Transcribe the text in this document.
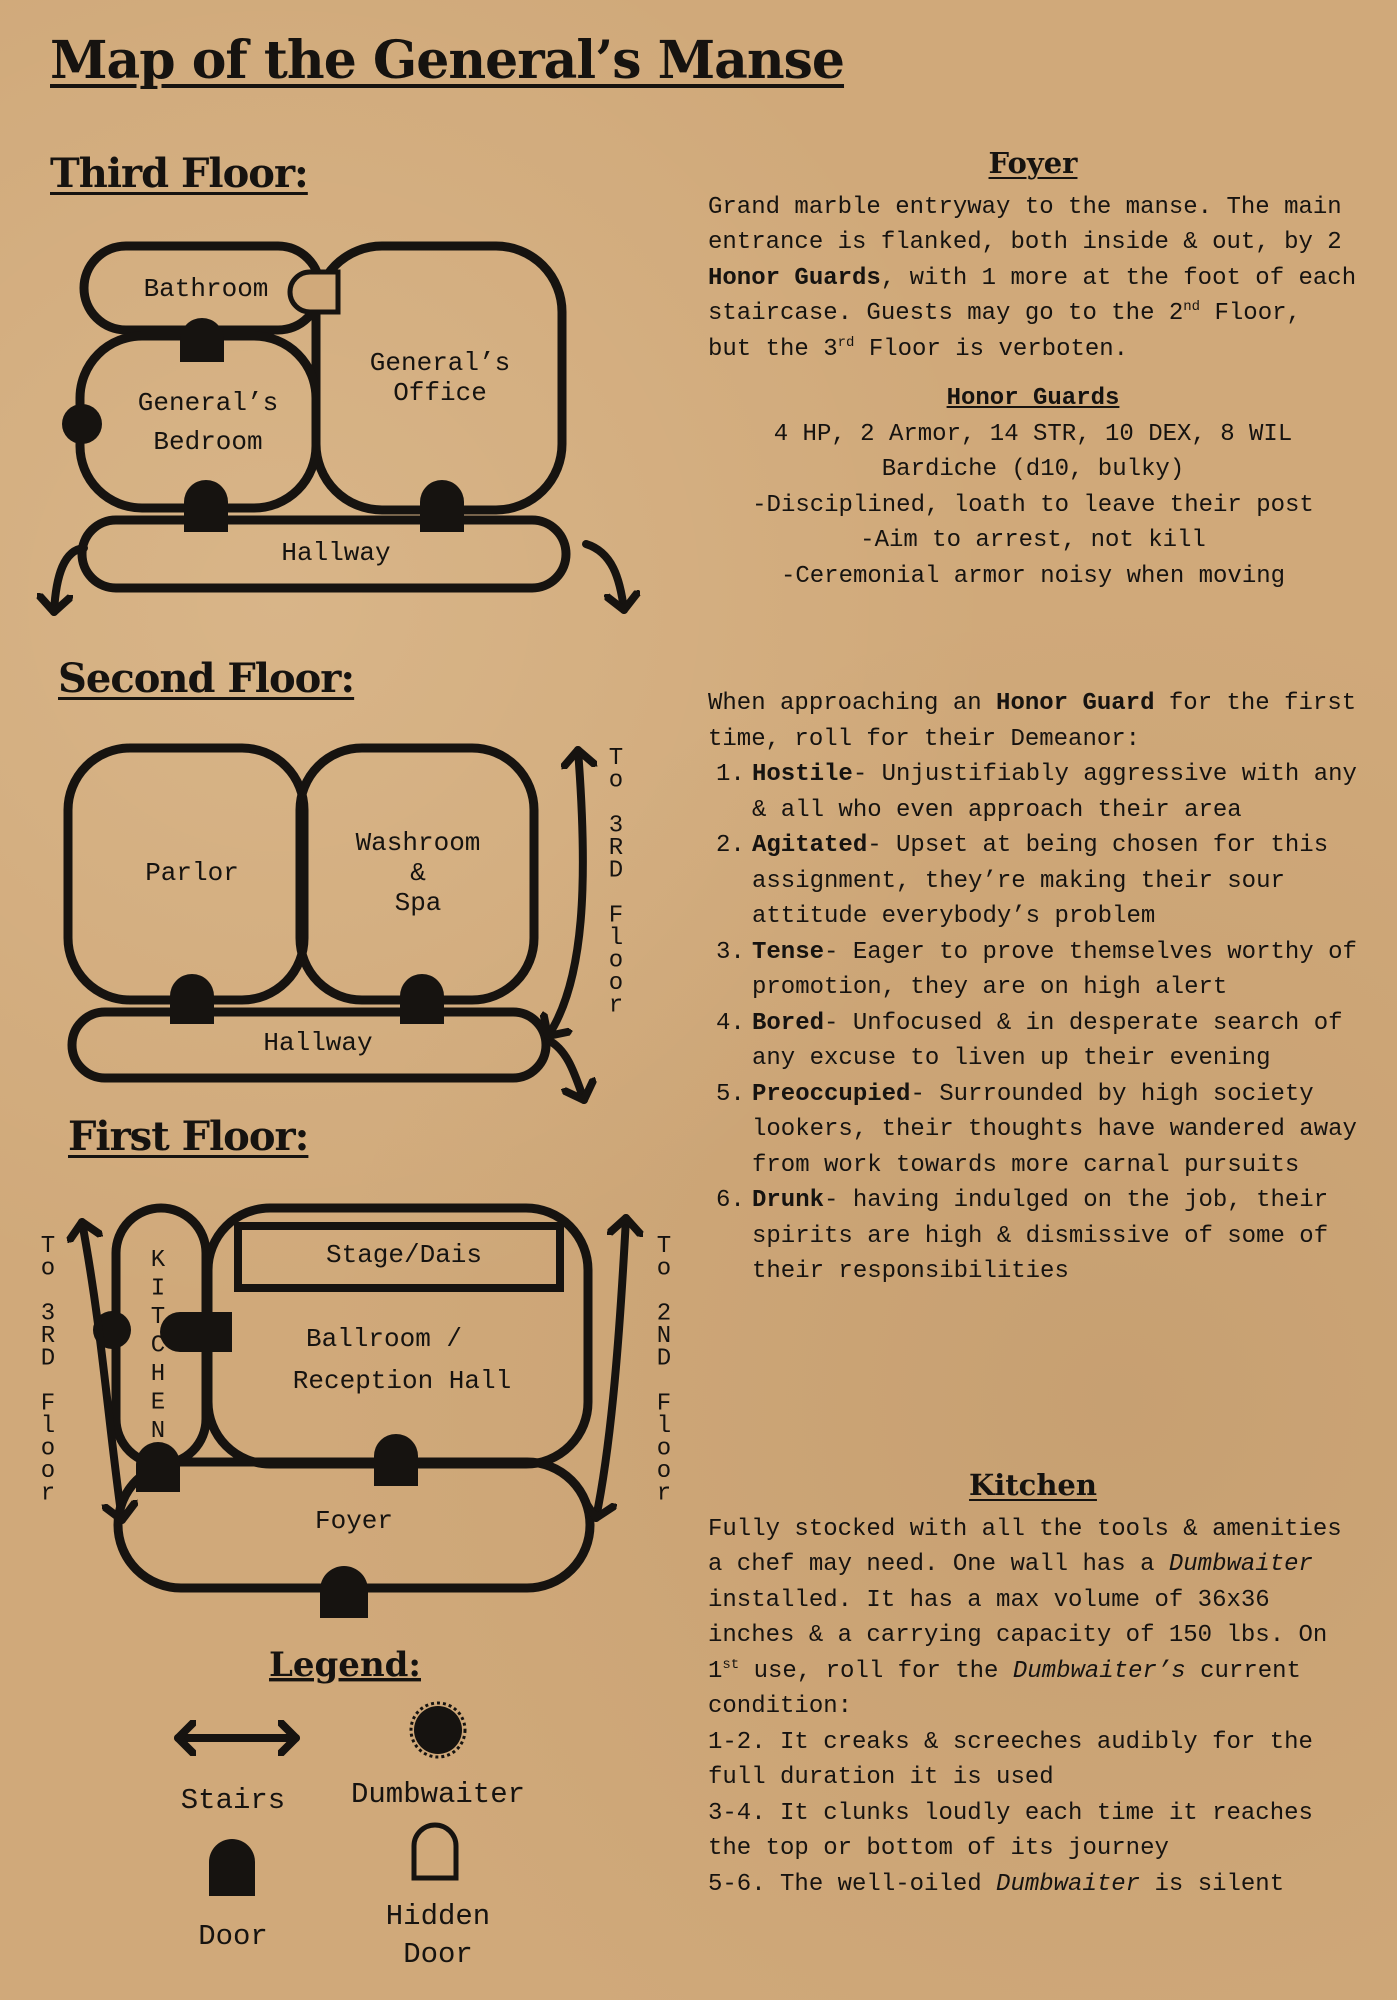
Map of the General’s Manse
Third Floor:
Second Floor:
First Floor:
Bathroom
General’s
Office
General’s
Bedroom
Hallway
Parlor
Washroom
&
Spa
Hallway
Stage/Dais
Ballroom /
Reception Hall
Foyer
K
I
T
C
H
E
N
T
o
3
R
D
F
l
o
o
r
T
o
3
R
D
F
l
o
o
r
T
o
2
N
D
F
l
o
o
r
Legend:
Stairs Dumbwaiter
Door
Hidden
Door
Foyer

Grand marble entryway to the manse. The main entrance is flanked, both inside & out, by 2 Honor Guards, with 1 more at the foot of each staircase. Guests may go to the 2nd Floor, but the 3rd Floor is verboten.

Honor Guards

4 HP, 2 Armor, 14 STR, 10 DEX, 8 WIL

Bardiche (d10, bulky)

-Disciplined, loath to leave their post

-Aim to arrest, not kill

-Ceremonial armor noisy when moving

When approaching an Honor Guard for the first time, roll for their Demeanor:

1. Hostile- Unjustifiably aggressive with any & all who even approach their area
2. Agitated- Upset at being chosen for this assignment, they’re making their sour attitude everybody’s problem
3. Tense- Eager to prove themselves worthy of promotion, they are on high alert
4. Bored- Unfocused & in desperate search of any excuse to liven up their evening
5. Preoccupied- Surrounded by high society lookers, their thoughts have wandered away from work towards more carnal pursuits
6. Drunk- having indulged on the job, their spirits are high & dismissive of some of their responsibilities
Kitchen

Fully stocked with all the tools & amenities a chef may need. One wall has a Dumbwaiter installed. It has a max volume of 36x36 inches & a carrying capacity of 150 lbs. On 1st use, roll for the Dumbwaiter’s current condition:

1-2. It creaks & screeches audibly for the full duration it is used

3-4. It clunks loudly each time it reaches the top or bottom of its journey

5-6. The well-oiled Dumbwaiter is silent
